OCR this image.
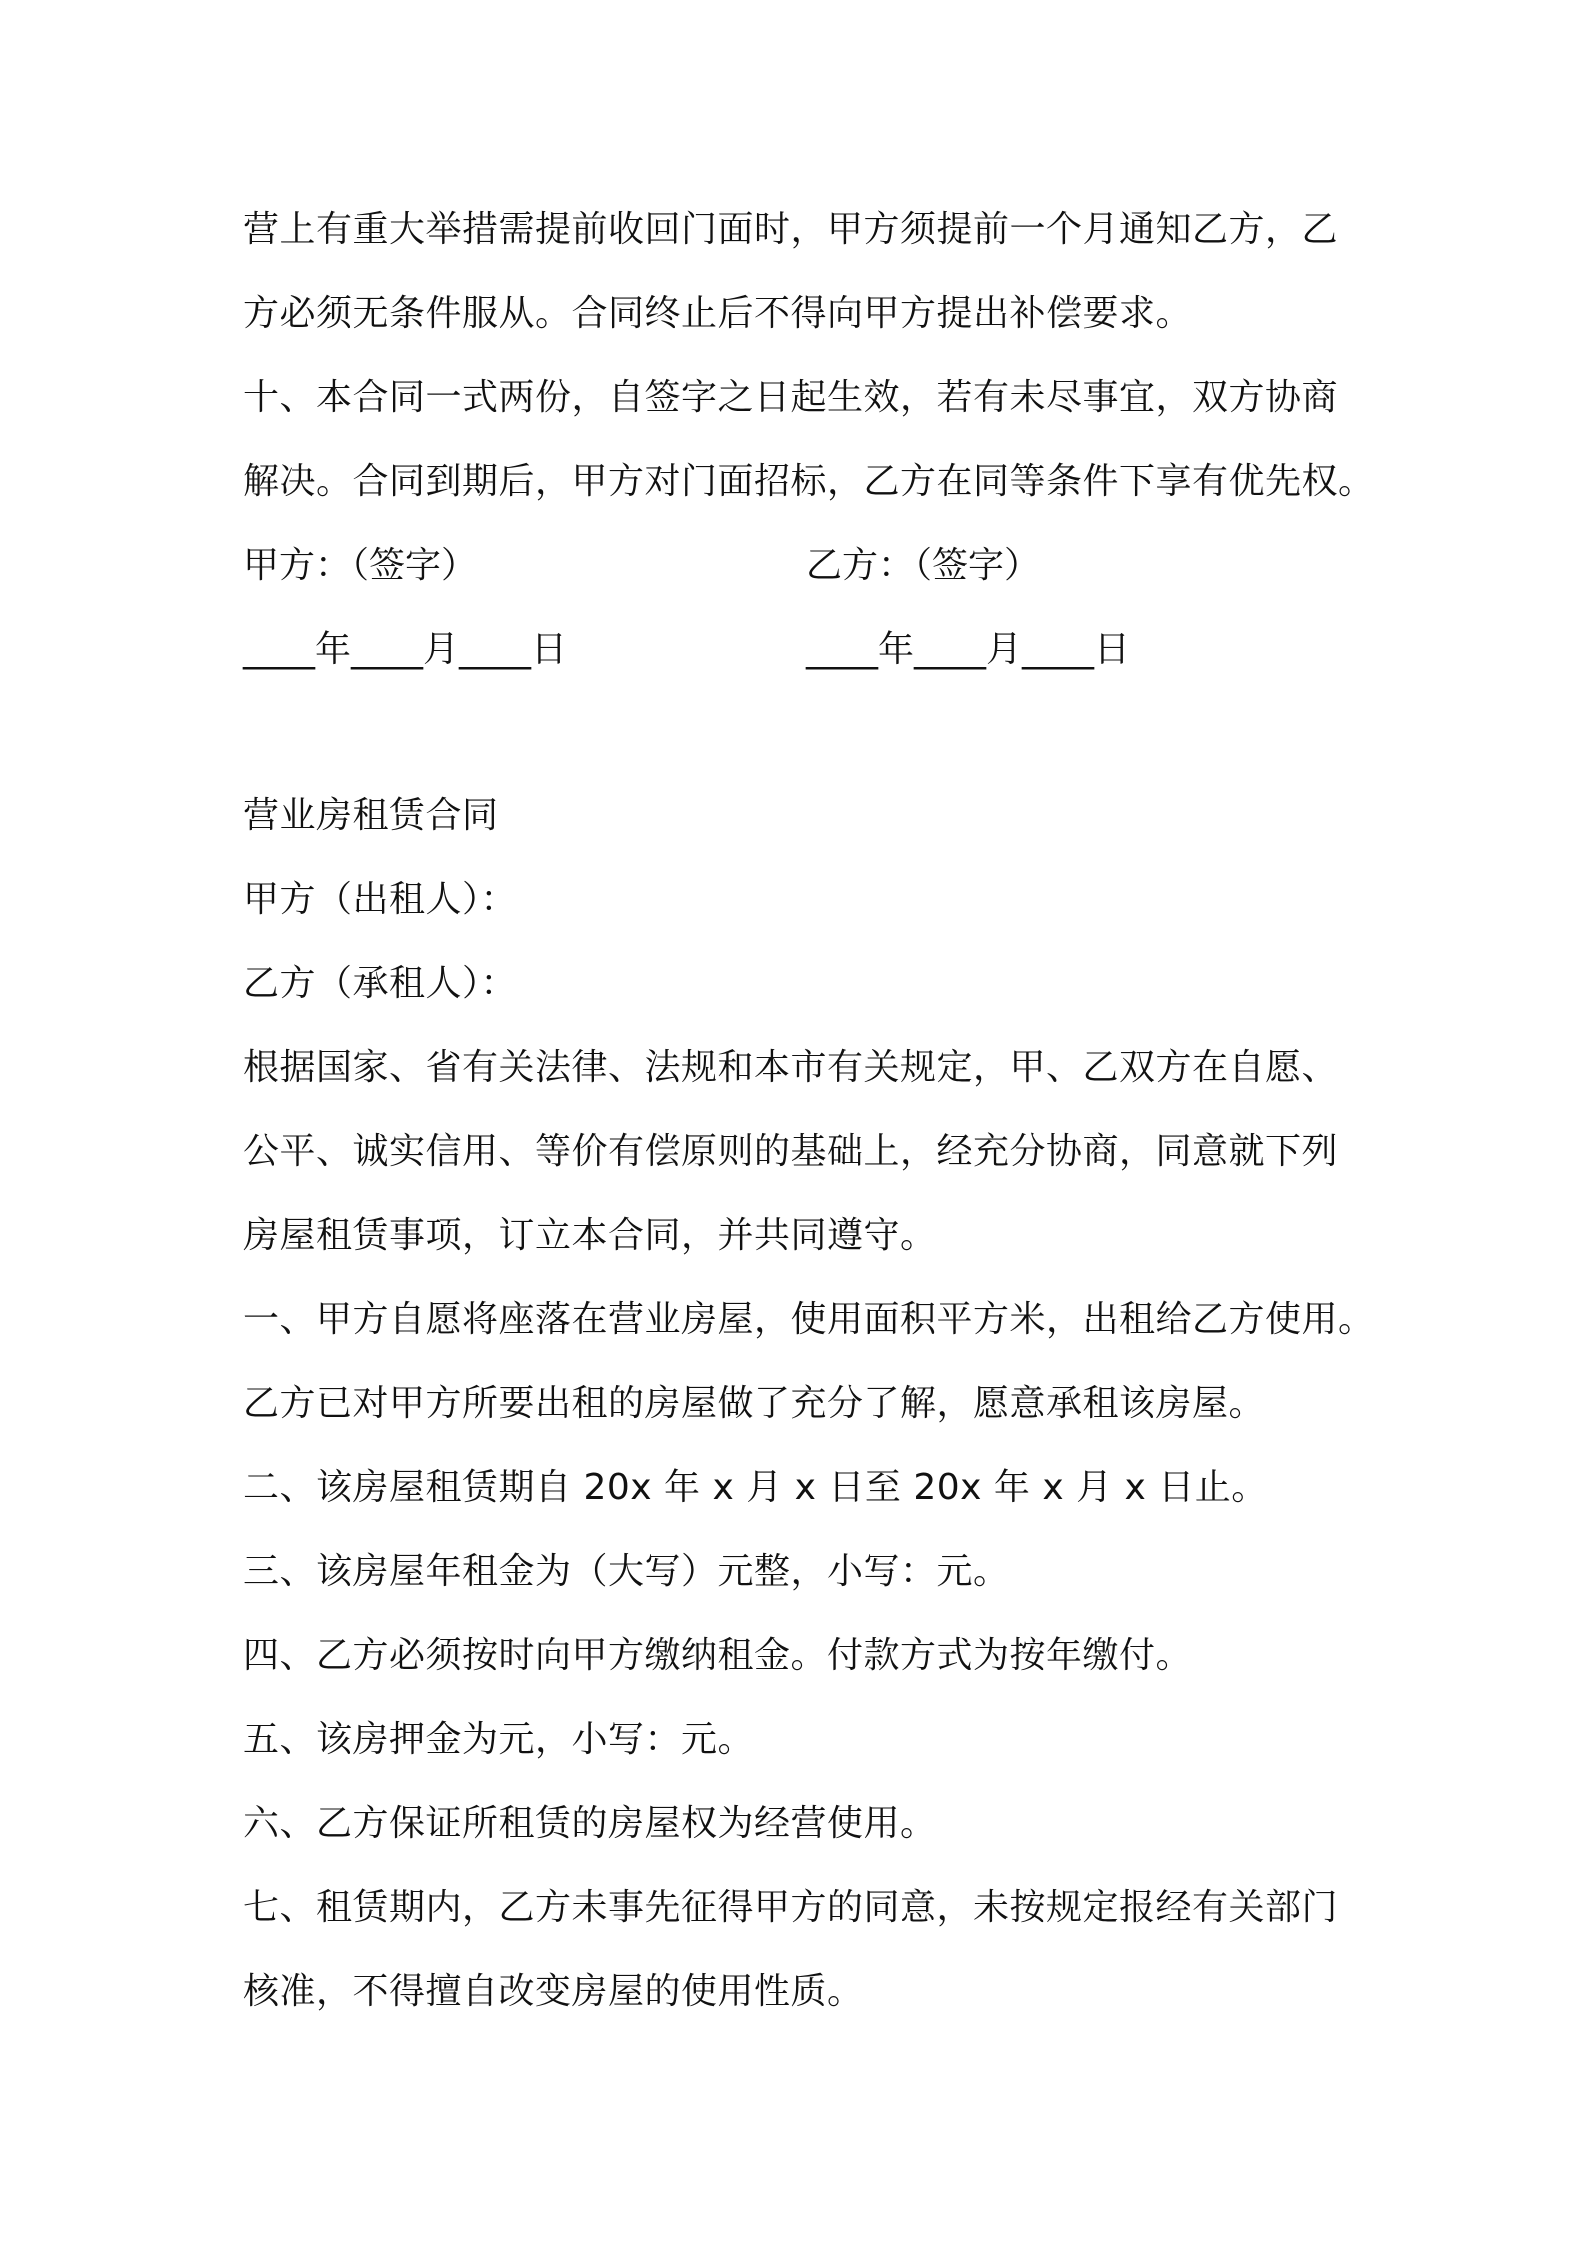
营上有重大举措需提前收回门面时，甲方须提前一个月通知乙方，乙
方必须无条件服从。合同终止后不得向甲方提出补偿要求。
十、本合同一式两份，自签字之日起生效，若有未尽事宜，双方协商
解决。合同到期后，甲方对门面招标，乙方在同等条件下享有优先权。
甲方：（签字）	乙方：（签字）
____年____月____日	____年____月____日
营业房租赁合同
甲方（出租人）：
乙方（承租人）：
根据国家、省有关法律、法规和本市有关规定，甲、乙双方在自愿、
公平、诚实信用、等价有偿原则的基础上，经充分协商，同意就下列
房屋租赁事项，订立本合同，并共同遵守。
一、甲方自愿将座落在营业房屋，使用面积平方米，出租给乙方使用。
乙方已对甲方所要出租的房屋做了充分了解，愿意承租该房屋。
二、该房屋租赁期自 20x 年 x 月 x 日至 20x 年 x 月 x 日止。
三、该房屋年租金为（大写）元整，小写：元。
四、乙方必须按时向甲方缴纳租金。付款方式为按年缴付。
五、该房押金为元，小写：元。
六、乙方保证所租赁的房屋权为经营使用。
七、租赁期内，乙方未事先征得甲方的同意，未按规定报经有关部门
核准，不得擅自改变房屋的使用性质。
